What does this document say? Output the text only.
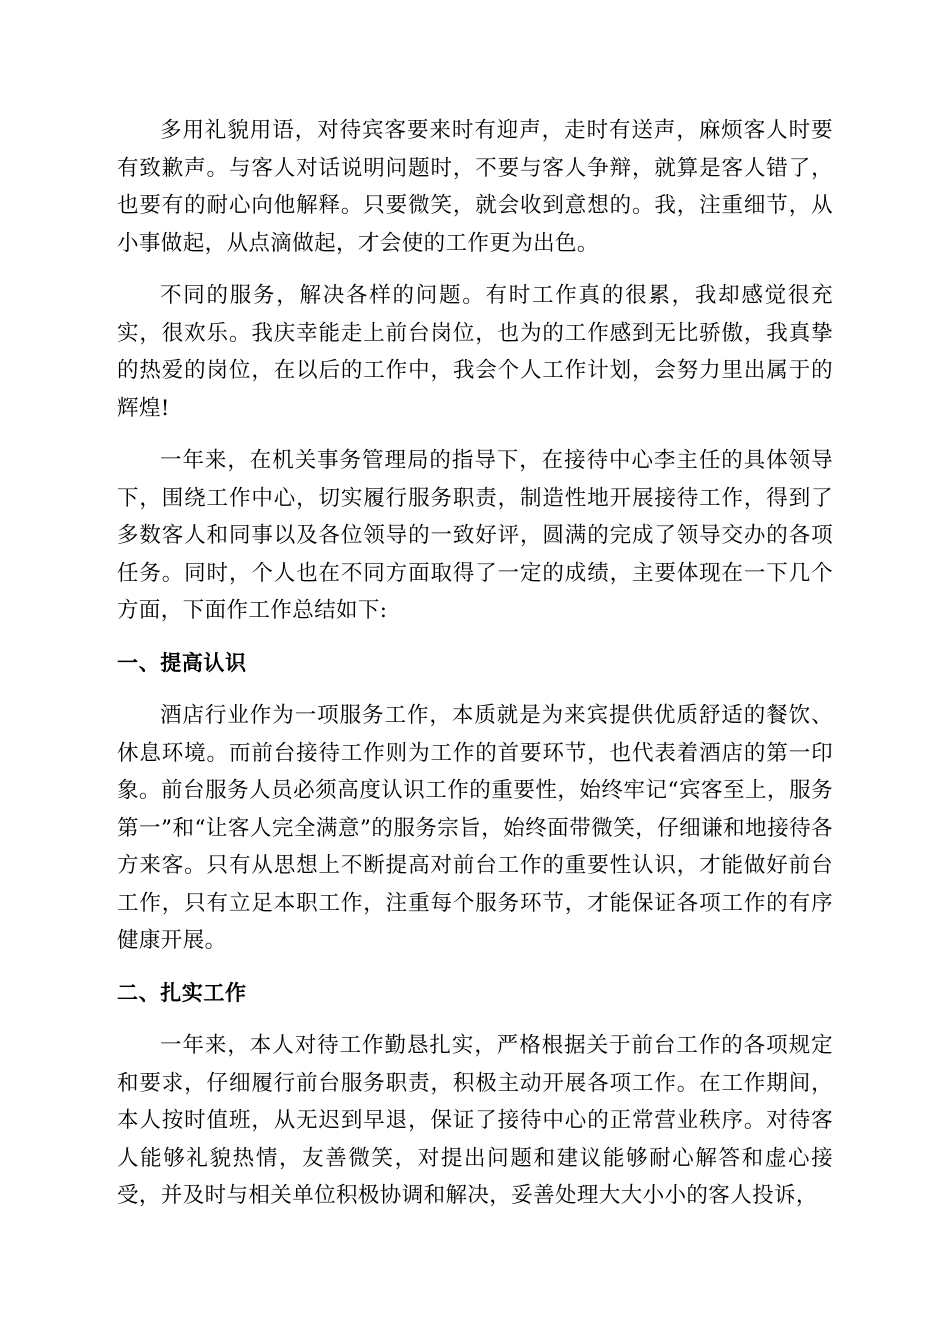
多用礼貌用语，对待宾客要来时有迎声，走时有送声，麻烦客人时要有致歉声。与客人对话说明问题时，不要与客人争辩，就算是客人错了，也要有的耐心向他解释。只要微笑，就会收到意想的。我，注重细节，从小事做起，从点滴做起，才会使的工作更为出色。

不同的服务，解决各样的问题。有时工作真的很累，我却感觉很充实，很欢乐。我庆幸能走上前台岗位，也为的工作感到无比骄傲，我真挚的热爱的岗位，在以后的工作中，我会个人工作计划，会努力里出属于的辉煌!

一年来，在机关事务管理局的指导下，在接待中心李主任的具体领导下，围绕工作中心，切实履行服务职责，制造性地开展接待工作，得到了多数客人和同事以及各位领导的一致好评，圆满的完成了领导交办的各项任务。同时，个人也在不同方面取得了一定的成绩，主要体现在一下几个方面，下面作工作总结如下:

一、提高认识

酒店行业作为一项服务工作，本质就是为来宾提供优质舒适的餐饮、休息环境。而前台接待工作则为工作的首要环节，也代表着酒店的第一印象。前台服务人员必须高度认识工作的重要性，始终牢记“宾客至上，服务第一”和“让客人完全满意”的服务宗旨，始终面带微笑，仔细谦和地接待各方来客。只有从思想上不断提高对前台工作的重要性认识，才能做好前台工作，只有立足本职工作，注重每个服务环节，才能保证各项工作的有序健康开展。

二、扎实工作

一年来，本人对待工作勤恳扎实，严格根据关于前台工作的各项规定和要求，仔细履行前台服务职责，积极主动开展各项工作。在工作期间，本人按时值班，从无迟到早退，保证了接待中心的正常营业秩序。对待客人能够礼貌热情，友善微笑，对提出问题和建议能够耐心解答和虚心接受，并及时与相关单位积极协调和解决，妥善处理大大小小的客人投诉，
